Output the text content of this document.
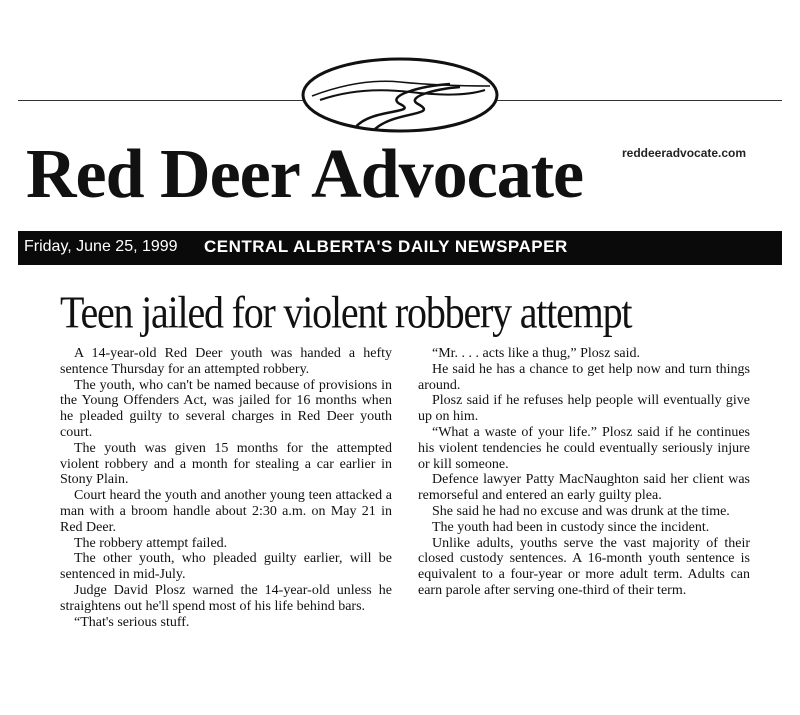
reddeeradvocate.com
Red Deer Advocate
Friday, June 25, 1999 CENTRAL ALBERTA'S DAILY NEWSPAPER
Teen jailed for violent robbery attempt

A 14-year-old Red Deer youth was handed a hefty sentence Thursday for an attempted robbery.

The youth, who can't be named because of provisions in the Young Offenders Act, was jailed for 16 months when he pleaded guilty to several charges in Red Deer youth court.

The youth was given 15 months for the attempted violent robbery and a month for stealing a car earlier in Stony Plain.

Court heard the youth and another young teen attacked a man with a broom handle about 2:30 a.m. on May 21 in Red Deer.

The robbery attempt failed.

The other youth, who pleaded guilty earlier, will be sentenced in mid-July.

Judge David Plosz warned the 14-year-old unless he straightens out he'll spend most of his life behind bars.

“That's serious stuff.

“Mr. . . . acts like a thug,” Plosz said.

He said he has a chance to get help now and turn things around.

Plosz said if he refuses help people will eventually give up on him.

“What a waste of your life.” Plosz said if he continues his violent tendencies he could eventually seriously injure or kill someone.

Defence lawyer Patty MacNaughton said her client was remorseful and entered an early guilty plea.

She said he had no excuse and was drunk at the time.

The youth had been in custody since the incident.

Unlike adults, youths serve the vast majority of their closed custody sentences. A 16-month youth sentence is equivalent to a four-year or more adult term. Adults can earn parole after serving one-third of their term.
